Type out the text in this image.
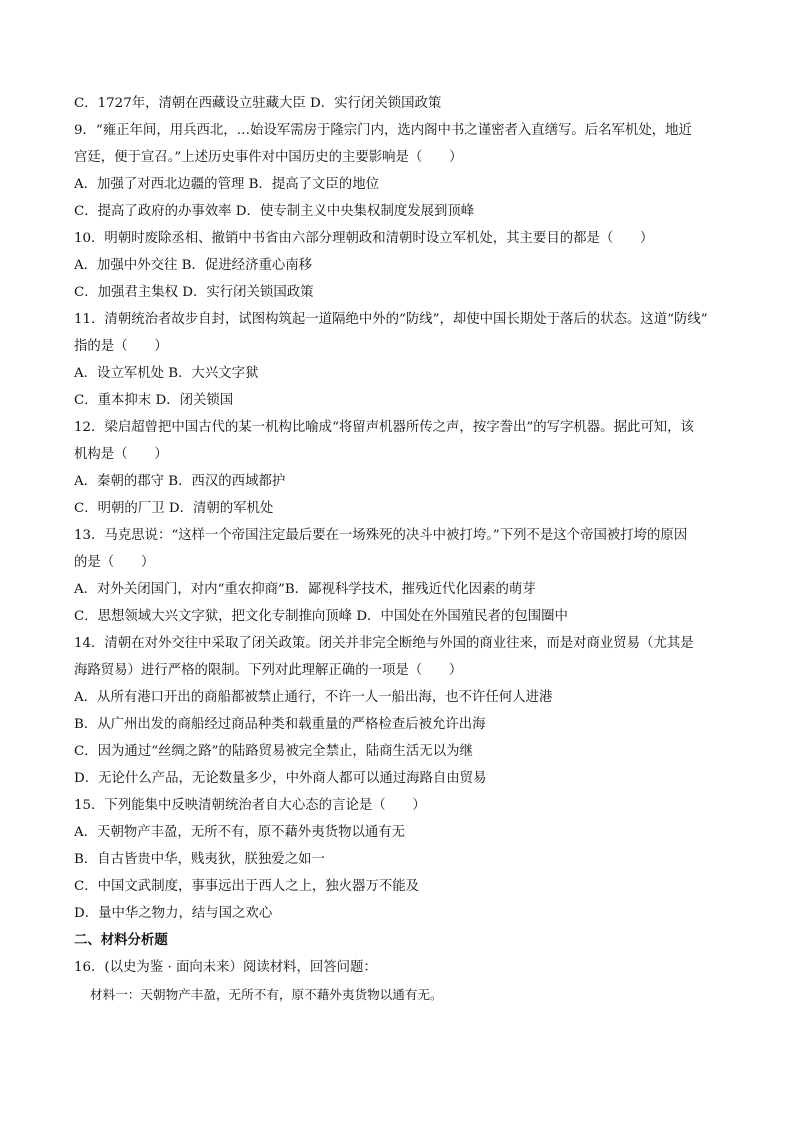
C．1727年，清朝在西藏设立驻藏大臣 D．实行闭关锁国政策
9．“雍正年间，用兵西北，…始设军需房于隆宗门内，选内阁中书之谨密者入直缮写。后名军机处，地近
宫廷，便于宣召。”上述历史事件对中国历史的主要影响是（　　）
A．加强了对西北边疆的管理 B．提高了文臣的地位
C．提高了政府的办事效率 D．使专制主义中央集权制度发展到顶峰
10．明朝时废除丞相、撤销中书省由六部分理朝政和清朝时设立军机处，其主要目的都是（　　）
A．加强中外交往 B．促进经济重心南移
C．加强君主集权 D．实行闭关锁国政策
11．清朝统治者故步自封，试图构筑起一道隔绝中外的“防线”，却使中国长期处于落后的状态。这道“防线”
指的是（　　）
A．设立军机处 B．大兴文字狱
C．重本抑末 D．闭关锁国
12．梁启超曾把中国古代的某一机构比喻成“将留声机器所传之声，按字誊出”的写字机器。据此可知，该
机构是（　　）
A．秦朝的郡守 B．西汉的西域都护
C．明朝的厂卫 D．清朝的军机处
13．马克思说：“这样一个帝国注定最后要在一场殊死的决斗中被打垮。”下列不是这个帝国被打垮的原因
的是（　　）
A．对外关闭国门，对内“重农抑商”B．鄙视科学技术，摧残近代化因素的萌芽
C．思想领域大兴文字狱，把文化专制推向顶峰 D．中国处在外国殖民者的包围圈中
14．清朝在对外交往中采取了闭关政策。闭关并非完全断绝与外国的商业往来，而是对商业贸易（尤其是
海路贸易）进行严格的限制。下列对此理解正确的一项是（　　）
A．从所有港口开出的商船都被禁止通行，不许一人一船出海，也不许任何人进港
B．从广州出发的商船经过商品种类和载重量的严格检查后被允许出海
C．因为通过“丝绸之路”的陆路贸易被完全禁止，陆商生活无以为继
D．无论什么产品，无论数量多少，中外商人都可以通过海路自由贸易
15．下列能集中反映清朝统治者自大心态的言论是（　　）
A．天朝物产丰盈，无所不有，原不藉外夷货物以通有无
B．自古皆贵中华，贱夷狄，朕独爱之如一
C．中国文武制度，事事远出于西人之上，独火器万不能及
D．量中华之物力，结与国之欢心
二、材料分析题
16．(以史为鉴 · 面向未来）阅读材料，回答问题：
材料一：天朝物产丰盈，无所不有，原不藉外夷货物以通有无。
